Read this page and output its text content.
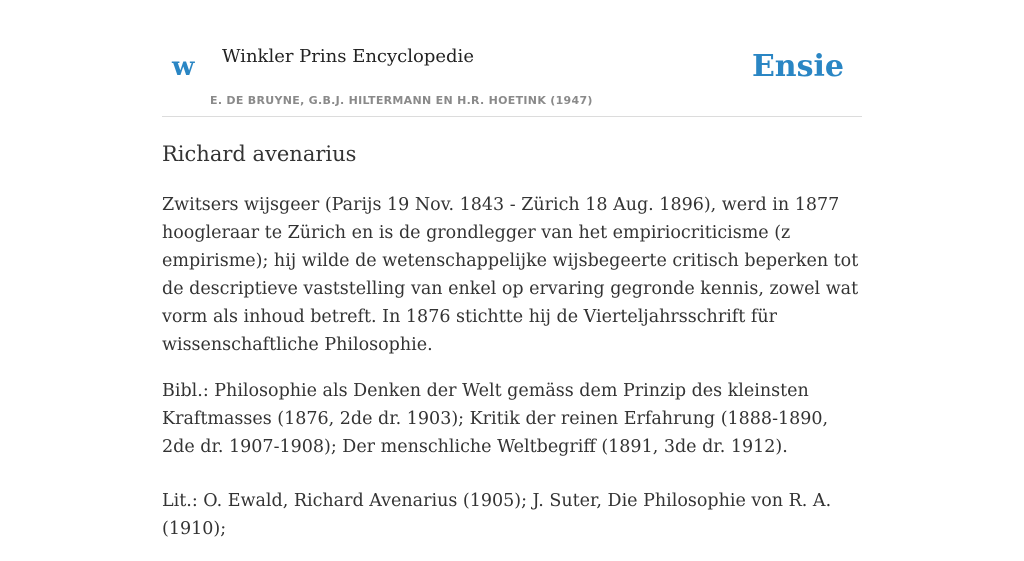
w Winkler Prins Encyclopedie
E. DE BRUYNE, G.B.J. HILTERMANN EN H.R. HOETINK (1947)
Ensie
Richard avenarius

Zwitsers wijsgeer (Parijs 19 Nov. 1843 - Zürich 18 Aug. 1896), werd in 1877 hoogleraar te Zürich en is de grondlegger van het empiriocriticisme (z empirisme); hij wilde de wetenschappelijke wijsbegeerte critisch beperken tot de descriptieve vaststelling van enkel op ervaring gegronde kennis, zowel wat vorm als inhoud betreft. In 1876 stichtte hij de Vierteljahrsschrift für wissenschaftliche Philosophie.

Bibl.: Philosophie als Denken der Welt gemäss dem Prinzip des kleinsten Kraftmasses (1876, 2de dr. 1903); Kritik der reinen Erfahrung (1888-1890, 2de dr. 1907-1908); Der menschliche Weltbegriff (1891, 3de dr. 1912).

Lit.: O. Ewald, Richard Avenarius (1905); J. Suter, Die Philosophie von R. A. (1910);
